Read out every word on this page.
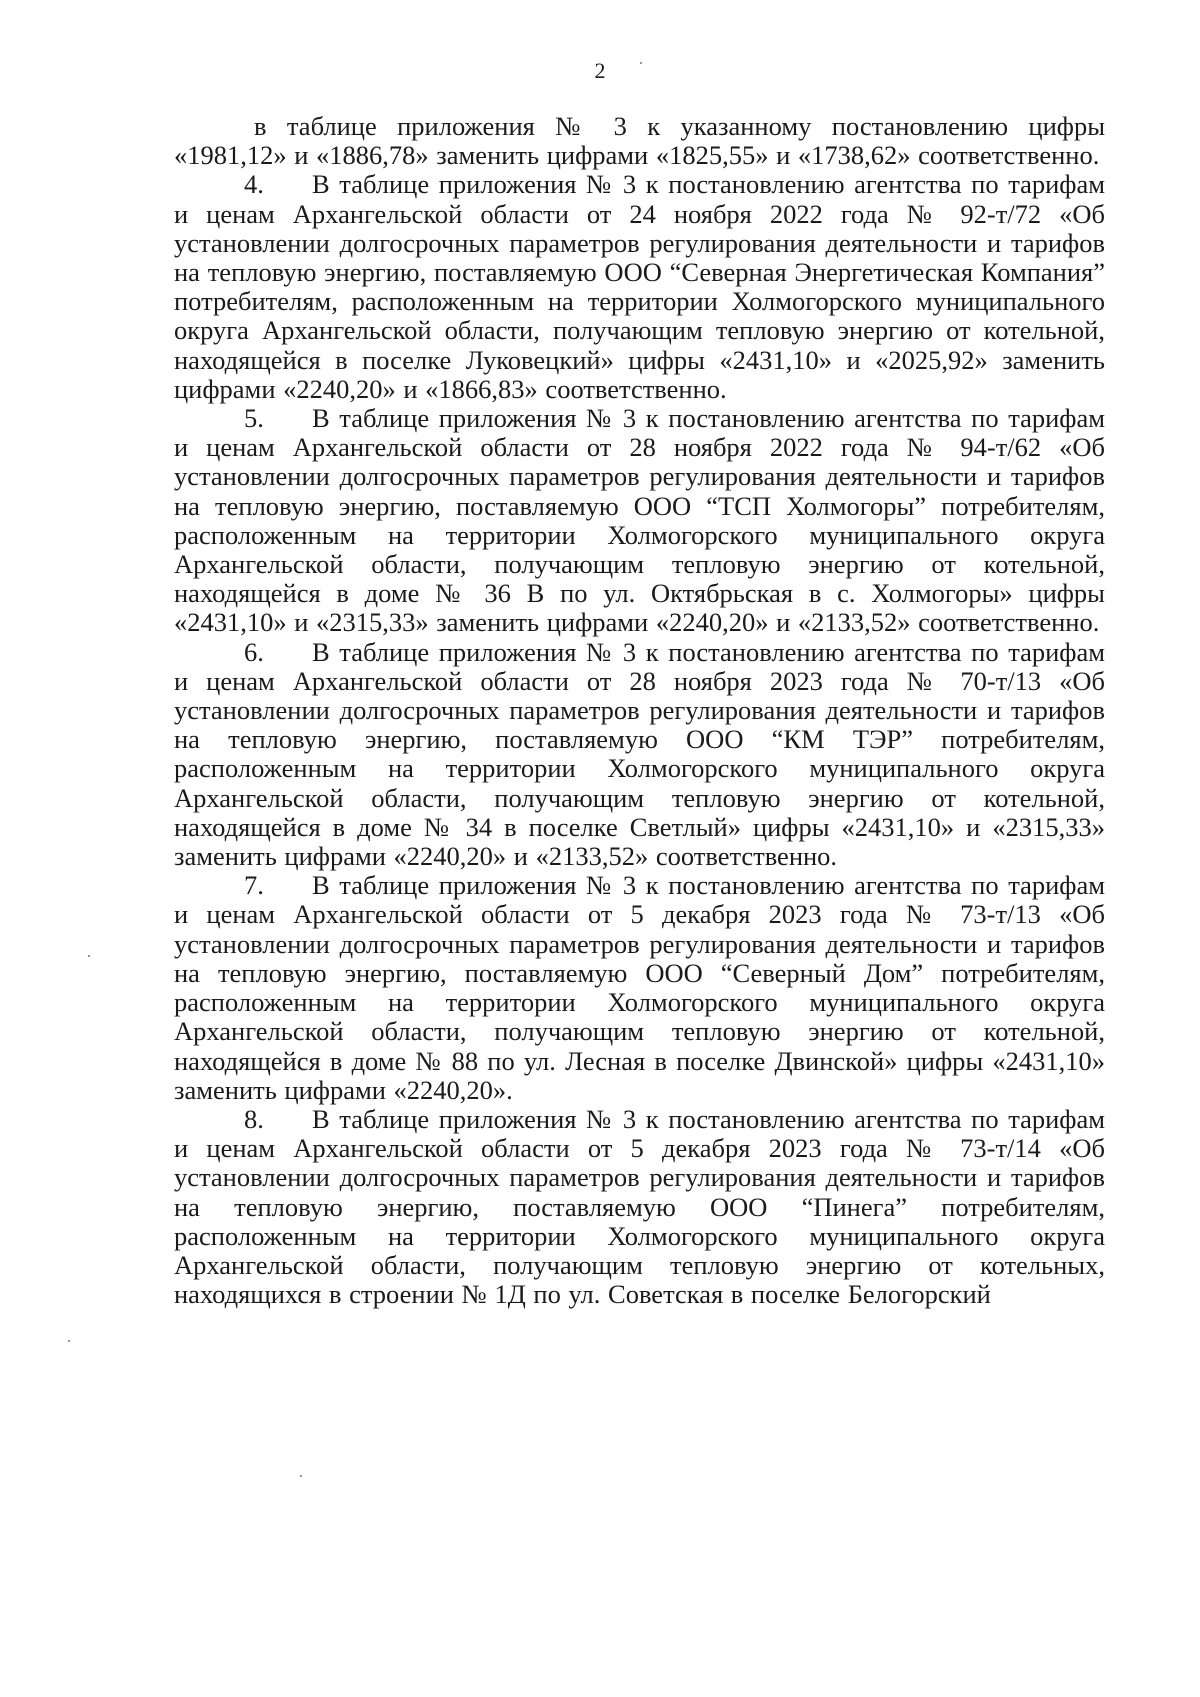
2

в таблице приложения № 3 к указанному постановлению цифры «1981,12» и «1886,78» заменить цифрами «1825,55» и «1738,62» соответственно.

4. В таблице приложения № 3 к постановлению агентства по тарифам и ценам Архангельской области от 24 ноября 2022 года № 92-т/72 «Об установлении долгосрочных параметров регулирования деятельности и тарифов на тепловую энергию, поставляемую ООО “Северная Энергетическая Компания” потребителям, расположенным на территории Холмогорского муниципального округа Архангельской области, получающим тепловую энергию от котельной, находящейся в поселке Луковецкий» цифры «2431,10» и «2025,92» заменить цифрами «2240,20» и «1866,83» соответственно.

5. В таблице приложения № 3 к постановлению агентства по тарифам и ценам Архангельской области от 28 ноября 2022 года № 94-т/62 «Об установлении долгосрочных параметров регулирования деятельности и тарифов на тепловую энергию, поставляемую ООО “ТСП Холмогоры” потребителям, расположенным на территории Холмогорского муниципального округа Архангельской области, получающим тепловую энергию от котельной, находящейся в доме № 36 В по ул. Октябрьская в с. Холмогоры» цифры «2431,10» и «2315,33» заменить цифрами «2240,20» и «2133,52» соответственно.

6. В таблице приложения № 3 к постановлению агентства по тарифам и ценам Архангельской области от 28 ноября 2023 года № 70-т/13 «Об установлении долгосрочных параметров регулирования деятельности и тарифов на тепловую энергию, поставляемую ООО “КМ ТЭР” потребителям, расположенным на территории Холмогорского муниципального округа Архангельской области, получающим тепловую энергию от котельной, находящейся в доме № 34 в поселке Светлый» цифры «2431,10» и «2315,33» заменить цифрами «2240,20» и «2133,52» соответственно.

7. В таблице приложения № 3 к постановлению агентства по тарифам и ценам Архангельской области от 5 декабря 2023 года № 73-т/13 «Об установлении долгосрочных параметров регулирования деятельности и тарифов на тепловую энергию, поставляемую ООО “Северный Дом” потребителям, расположенным на территории Холмогорского муниципального округа Архангельской области, получающим тепловую энергию от котельной, находящейся в доме № 88 по ул. Лесная в поселке Двинской» цифры «2431,10» заменить цифрами «2240,20».

8. В таблице приложения № 3 к постановлению агентства по тарифам и ценам Архангельской области от 5 декабря 2023 года № 73-т/14 «Об установлении долгосрочных параметров регулирования деятельности и тарифов на тепловую энергию, поставляемую ООО “Пинега” потребителям, расположенным на территории Холмогорского муниципального округа Архангельской области, получающим тепловую энергию от котельных, находящихся в строении № 1Д по ул. Советская в поселке Белогорский
